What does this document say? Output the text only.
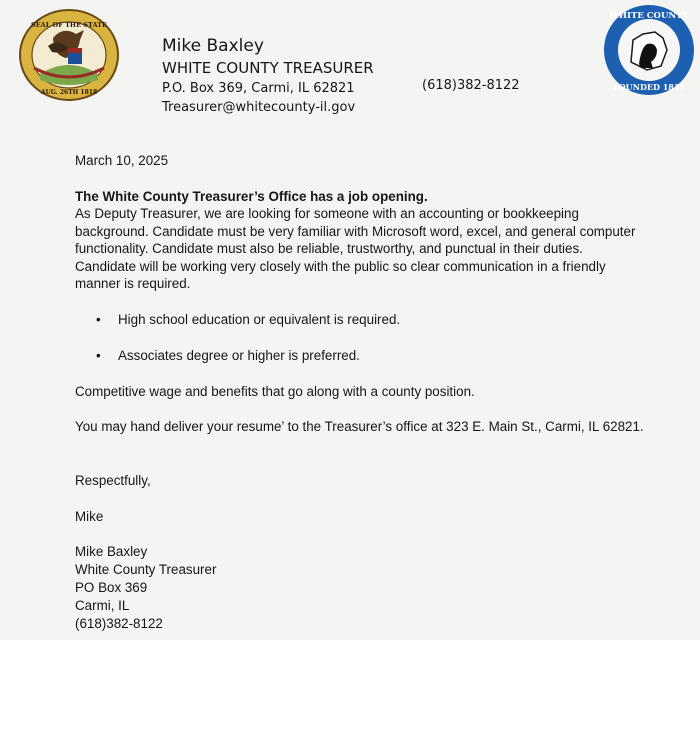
SEAL OF THE STATE
AUG. 26TH 1818
WHITE COUNTY
FOUNDED 1815
Mike Baxley
WHITE COUNTY TREASURER
P.O. Box 369, Carmi, IL 62821
Treasurer@whitecounty-il.gov
(618)382-8122
March 10, 2025
The White County Treasurer’s Office has a job opening.
As Deputy Treasurer, we are looking for someone with an accounting or bookkeeping
background. Candidate must be very familiar with Microsoft word, excel, and general computer
functionality. Candidate must also be reliable, trustworthy, and punctual in their duties.
Candidate will be working very closely with the public so clear communication in a friendly
manner is required.
• High school education or equivalent is required.
• Associates degree or higher is preferred.
Competitive wage and benefits that go along with a county position.
You may hand deliver your resume’ to the Treasurer’s office at 323 E. Main St., Carmi, IL 62821.
Respectfully,
Mike
Mike Baxley
White County Treasurer
PO Box 369
Carmi, IL
(618)382-8122
